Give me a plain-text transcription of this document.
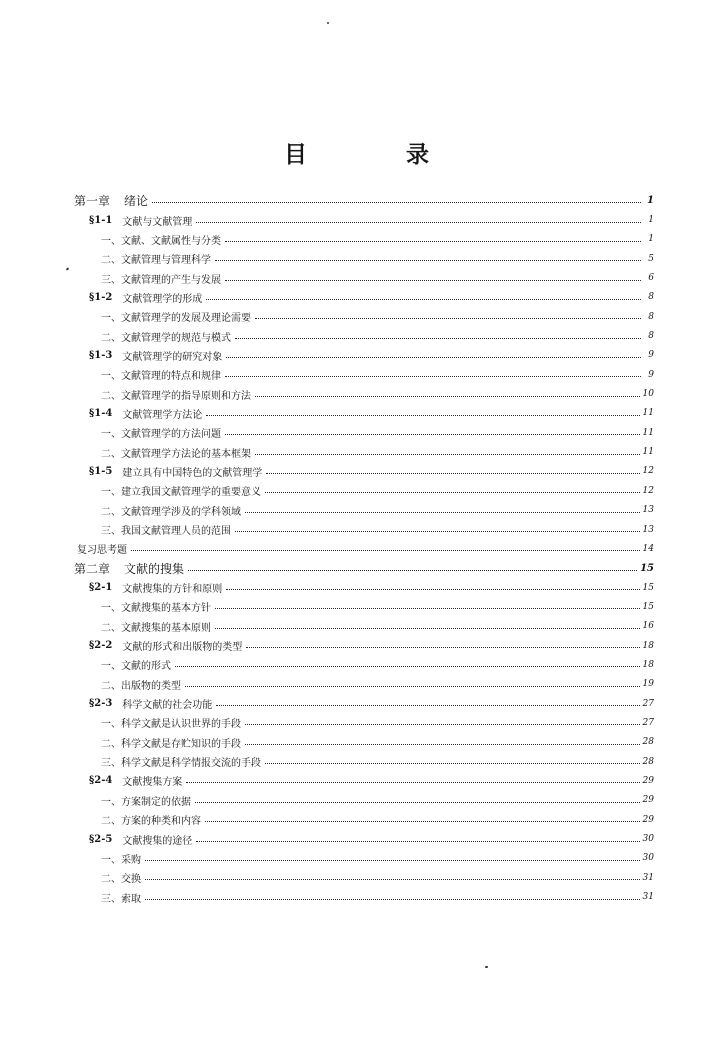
目　录
第一章 绪论	1
§1-1 文献与文献管理	1
一、文献、文献属性与分类	1
二、文献管理与管理科学	5
三、文献管理的产生与发展	6
§1-2 文献管理学的形成	8
一、文献管理学的发展及理论需要	8
二、文献管理学的规范与模式	8
§1-3 文献管理学的研究对象	9
一、文献管理的特点和规律	9
二、文献管理学的指导原则和方法	10
§1-4 文献管理学方法论	11
一、文献管理学的方法问题	11
二、文献管理学方法论的基本框架	11
§1-5 建立具有中国特色的文献管理学	12
一、建立我国文献管理学的重要意义	12
二、文献管理学涉及的学科领域	13
三、我国文献管理人员的范围	13
复习思考题	14
第二章 文献的搜集	15
§2-1 文献搜集的方针和原则	15
一、文献搜集的基本方针	15
二、文献搜集的基本原则	16
§2-2 文献的形式和出版物的类型	18
一、文献的形式	18
二、出版物的类型	19
§2-3 科学文献的社会功能	27
一、科学文献是认识世界的手段	27
二、科学文献是存贮知识的手段	28
三、科学文献是科学情报交流的手段	28
§2-4 文献搜集方案	29
一、方案制定的依据	29
二、方案的种类和内容	29
§2-5 文献搜集的途径	30
一、采购	30
二、交换	31
三、索取	31
